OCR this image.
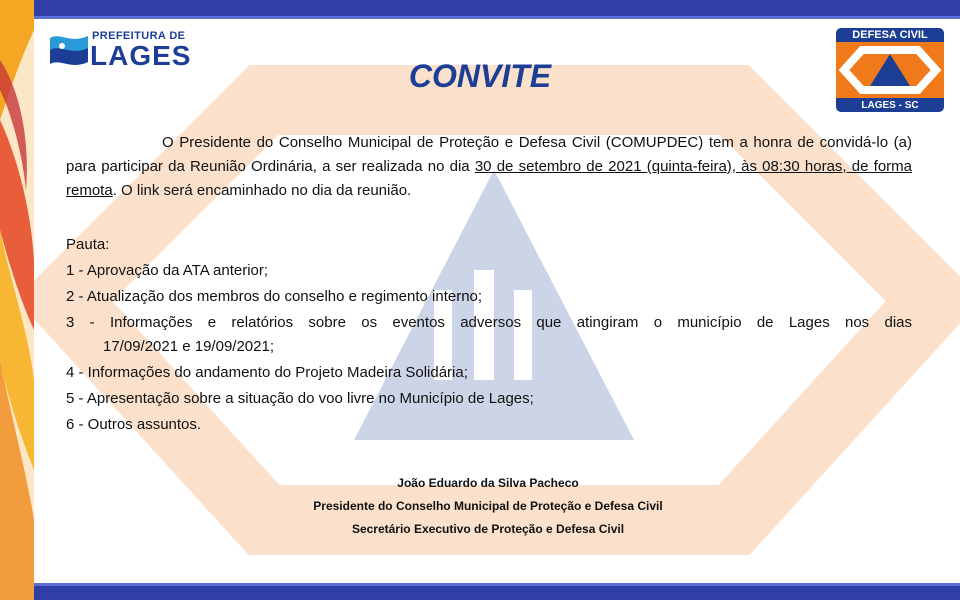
PREFEITURA DE
LAGES
DEFESA CIVIL
LAGES - SC
CONVITE
O Presidente do Conselho Municipal de Proteção e Defesa Civil (COMUPDEC) tem a honra de convidá-lo (a) para participar da Reunião Ordinária, a ser realizada no dia 30 de setembro de 2021 (quinta-feira), às 08:30 horas, de forma remota. O link será encaminhado no dia da reunião.
Pauta:
1 - Aprovação da ATA anterior;
2 - Atualização dos membros do conselho e regimento interno;
3 - Informações e relatórios sobre os eventos adversos que atingiram o município de Lages nos dias
17/09/2021 e 19/09/2021;
4 - Informações do andamento do Projeto Madeira Solidária;
5 - Apresentação sobre a situação do voo livre no Município de Lages;
6 - Outros assuntos.
João Eduardo da Silva Pacheco
Presidente do Conselho Municipal de Proteção e Defesa Civil
Secretário Executivo de Proteção e Defesa Civil
